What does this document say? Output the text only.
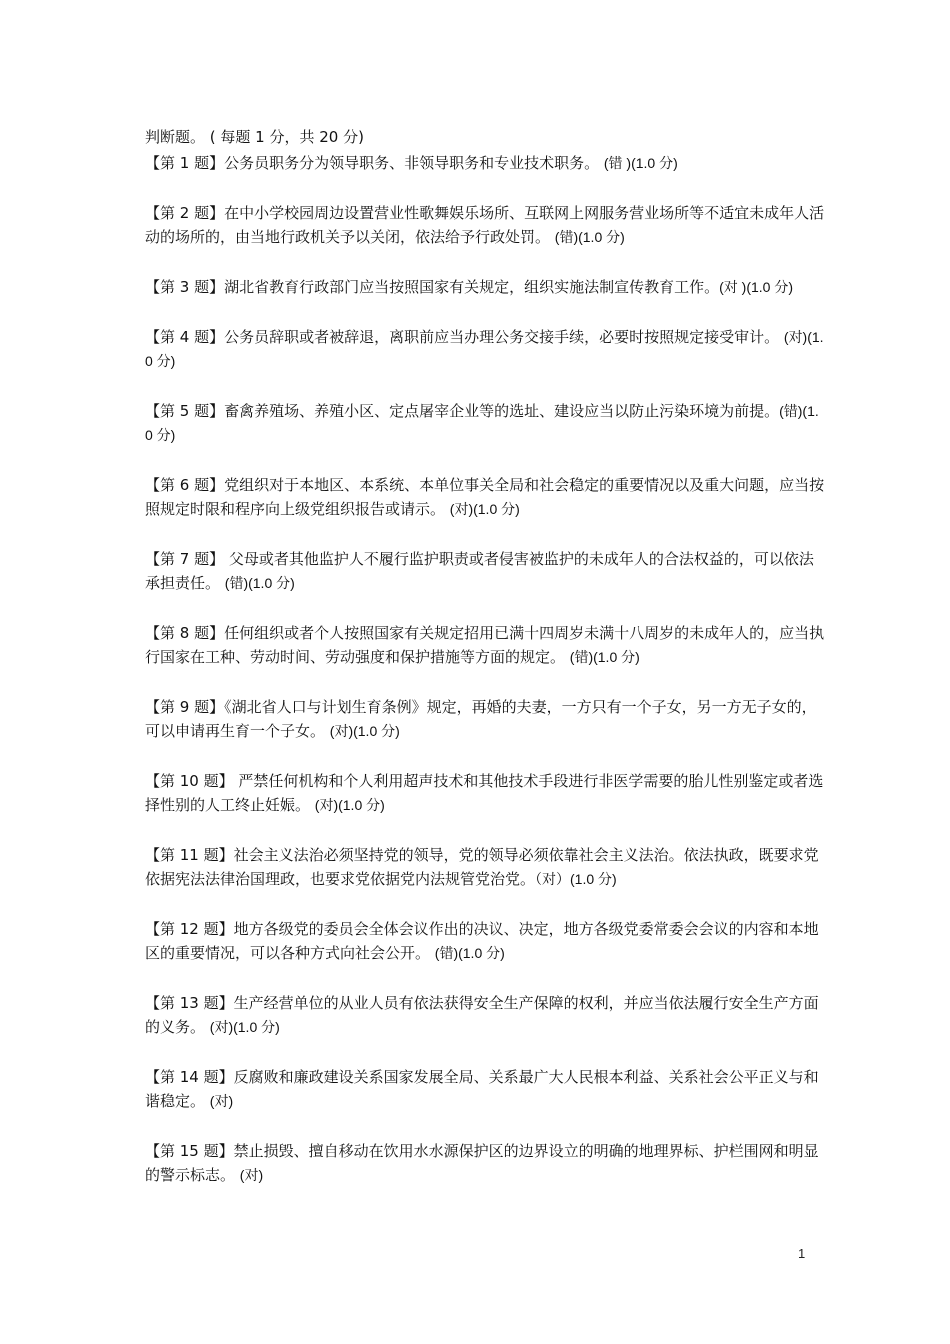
判断题。 ( 每题 1 分，共 20 分)

【第 1 题】公务员职务分为领导职务、非领导职务和专业技术职务。 (错 )(1.0 分)

【第 2 题】在中小学校园周边设置营业性歌舞娱乐场所、互联网上网服务营业场所等不适宜未成年人活动的场所的，由当地行政机关予以关闭，依法给予行政处罚。 (错)(1.0 分)

【第 3 题】湖北省教育行政部门应当按照国家有关规定，组织实施法制宣传教育工作。(对 )(1.0 分)

【第 4 题】公务员辞职或者被辞退，离职前应当办理公务交接手续，必要时按照规定接受审计。 (对)(1.0 分)

【第 5 题】畜禽养殖场、养殖小区、定点屠宰企业等的选址、建设应当以防止污染环境为前提。(错)(1.0 分)

【第 6 题】党组织对于本地区、本系统、本单位事关全局和社会稳定的重要情况以及重大问题，应当按照规定时限和程序向上级党组织报告或请示。 (对)(1.0 分)

【第 7 题】 父母或者其他监护人不履行监护职责或者侵害被监护的未成年人的合法权益的，可以依法承担责任。 (错)(1.0 分)

【第 8 题】任何组织或者个人按照国家有关规定招用已满十四周岁未满十八周岁的未成年人的，应当执行国家在工种、劳动时间、劳动强度和保护措施等方面的规定。 (错)(1.0 分)

【第 9 题】《湖北省人口与计划生育条例》规定，再婚的夫妻，一方只有一个子女，另一方无子女的，可以申请再生育一个子女。 (对)(1.0 分)

【第 10 题】 严禁任何机构和个人利用超声技术和其他技术手段进行非医学需要的胎儿性别鉴定或者选择性别的人工终止妊娠。 (对)(1.0 分)

【第 11 题】社会主义法治必须坚持党的领导，党的领导必须依靠社会主义法治。依法执政，既要求党依据宪法法律治国理政，也要求党依据党内法规管党治党。（对）(1.0 分)

【第 12 题】地方各级党的委员会全体会议作出的决议、决定，地方各级党委常委会会议的内容和本地区的重要情况，可以各种方式向社会公开。 (错)(1.0 分)

【第 13 题】生产经营单位的从业人员有依法获得安全生产保障的权利，并应当依法履行安全生产方面的义务。 (对)(1.0 分)

【第 14 题】反腐败和廉政建设关系国家发展全局、关系最广大人民根本利益、关系社会公平正义与和谐稳定。 (对)

【第 15 题】禁止损毁、擅自移动在饮用水水源保护区的边界设立的明确的地理界标、护栏围网和明显的警示标志。 (对)

1
